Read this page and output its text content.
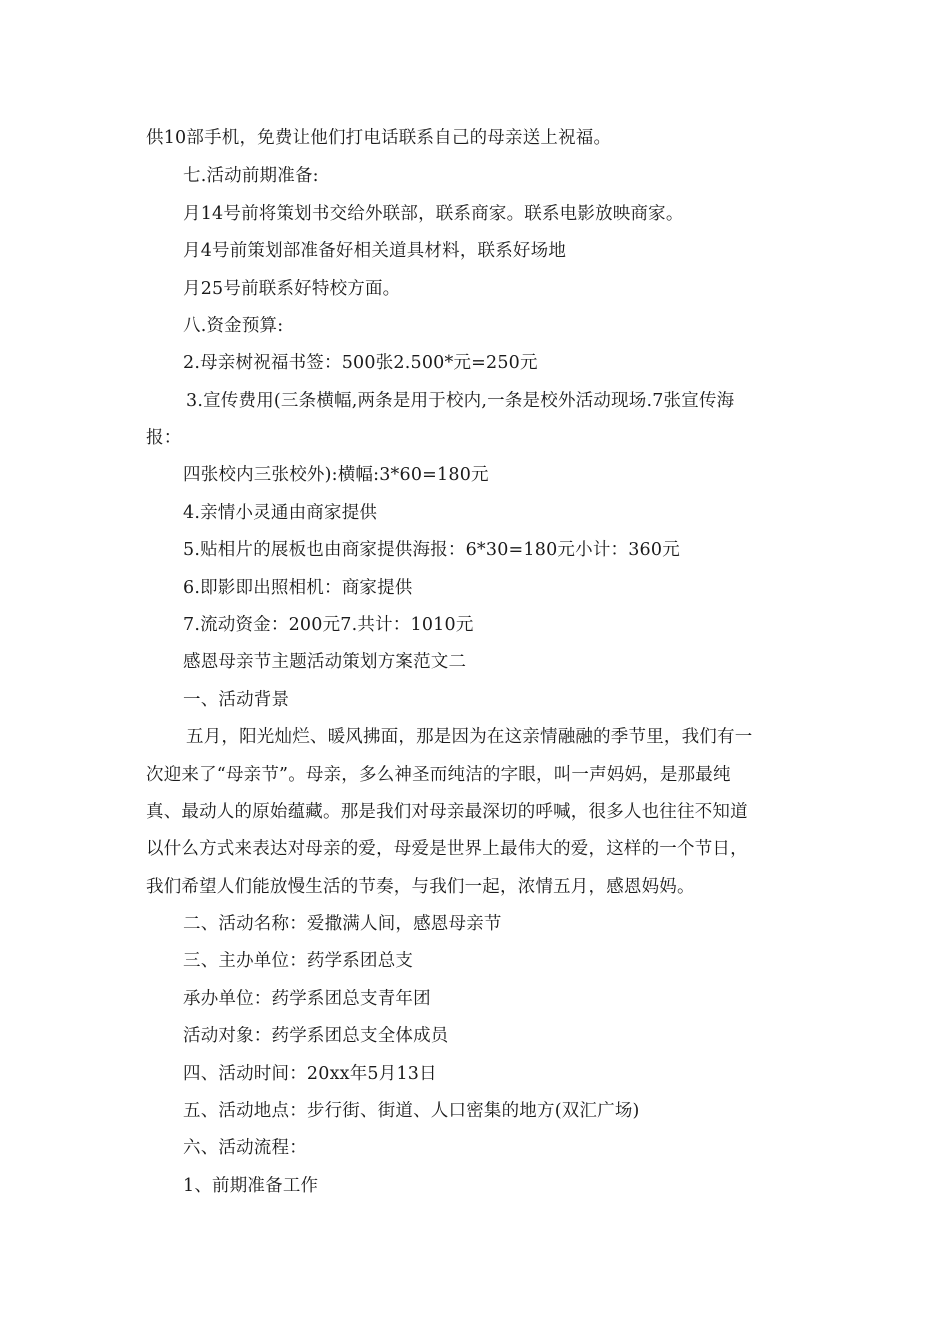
供10部手机，免费让他们打电话联系自己的母亲送上祝福。
七.活动前期准备:
月14号前将策划书交给外联部，联系商家。联系电影放映商家。
月4号前策划部准备好相关道具材料，联系好场地
月25号前联系好特校方面。
八.资金预算:
2.母亲树祝福书签：500张2.500*元=250元
3.宣传费用(三条横幅,两条是用于校内,一条是校外活动现场.7张宣传海
报：
四张校内三张校外):横幅:3*60=180元
4.亲情小灵通由商家提供
5.贴相片的展板也由商家提供海报：6*30=180元小计：360元
6.即影即出照相机：商家提供
7.流动资金：200元7.共计：1010元
感恩母亲节主题活动策划方案范文二
一、活动背景
五月，阳光灿烂、暖风拂面，那是因为在这亲情融融的季节里，我们有一
次迎来了“母亲节”。母亲，多么神圣而纯洁的字眼，叫一声妈妈，是那最纯
真、最动人的原始蕴藏。那是我们对母亲最深切的呼喊，很多人也往往不知道
以什么方式来表达对母亲的爱，母爱是世界上最伟大的爱，这样的一个节日，
我们希望人们能放慢生活的节奏，与我们一起，浓情五月，感恩妈妈。
二、活动名称：爱撒满人间，感恩母亲节
三、主办单位：药学系团总支
承办单位：药学系团总支青年团
活动对象：药学系团总支全体成员
四、活动时间：20xx年5月13日
五、活动地点：步行街、街道、人口密集的地方(双汇广场)
六、活动流程：
1、前期准备工作
